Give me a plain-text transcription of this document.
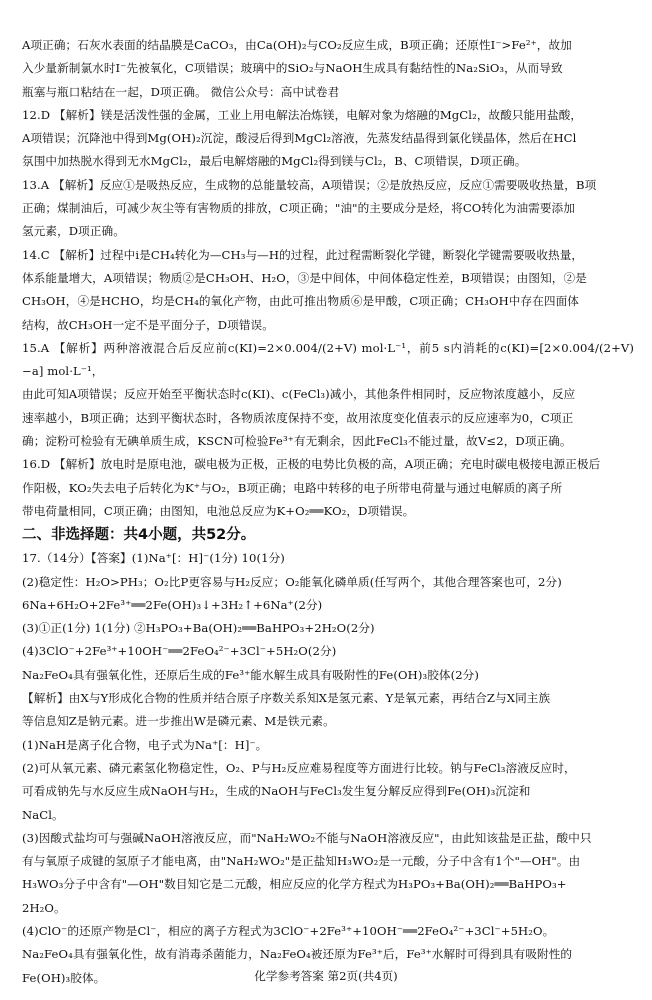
A项正确；石灰水表面的结晶膜是CaCO₃，由Ca(OH)₂与CO₂反应生成，B项正确；还原性I⁻>Fe²⁺，故加

入少量新制氯水时I⁻先被氧化，C项错误；玻璃中的SiO₂与NaOH生成具有黏结性的Na₂SiO₃，从而导致

瓶塞与瓶口粘结在一起，D项正确。 微信公众号：高中试卷君

12.D 【解析】镁是活泼性强的金属，工业上用电解法冶炼镁，电解对象为熔融的MgCl₂，故酸只能用盐酸，

A项错误；沉降池中得到Mg(OH)₂沉淀，酸浸后得到MgCl₂溶液，先蒸发结晶得到氯化镁晶体，然后在HCl

氛围中加热脱水得到无水MgCl₂，最后电解熔融的MgCl₂得到镁与Cl₂，B、C项错误，D项正确。

13.A 【解析】反应①是吸热反应，生成物的总能量较高，A项错误；②是放热反应，反应①需要吸收热量，B项

正确；煤制油后，可减少灰尘等有害物质的排放，C项正确；"油"的主要成分是烃，将CO转化为油需要添加

氢元素，D项正确。

14.C 【解析】过程中ⅰ是CH₄转化为—CH₃与—H的过程，此过程需断裂化学键，断裂化学键需要吸收热量，

体系能量增大，A项错误；物质②是CH₃OH、H₂O，③是中间体，中间体稳定性差，B项错误；由图知，②是

CH₃OH，④是HCHO，均是CH₄的氧化产物，由此可推出物质⑥是甲酸，C项正确；CH₃OH中存在四面体

结构，故CH₃OH一定不是平面分子，D项错误。

15.A 【解析】两种溶液混合后反应前c(KI)=2×0.004/(2+V) mol·L⁻¹，前5 s内消耗的c(KI)=[2×0.004/(2+V)−a] mol·L⁻¹，

由此可知A项错误；反应开始至平衡状态时c(KI)、c(FeCl₃)减小，其他条件相同时，反应物浓度越小，反应

速率越小，B项正确；达到平衡状态时，各物质浓度保持不变，故用浓度变化值表示的反应速率为0，C项正

确；淀粉可检验有无碘单质生成，KSCN可检验Fe³⁺有无剩余，因此FeCl₃不能过量，故V≤2，D项正确。

16.D 【解析】放电时是原电池，碳电极为正极，正极的电势比负极的高，A项正确；充电时碳电极接电源正极后

作阳极，KO₂失去电子后转化为K⁺与O₂，B项正确；电路中转移的电子所带电荷量与通过电解质的离子所

带电荷量相同，C项正确；由图知，电池总反应为K+O₂══KO₂，D项错误。

二、非选择题：共4小题，共52分。

17.（14分）【答案】(1)Na⁺[：H]⁻(1分) 10(1分)

(2)稳定性：H₂O>PH₃；O₂比P更容易与H₂反应；O₂能氧化磷单质(任写两个，其他合理答案也可，2分)

6Na+6H₂O+2Fe³⁺══2Fe(OH)₃↓+3H₂↑+6Na⁺(2分)

(3)①正(1分) 1(1分) ②H₃PO₃+Ba(OH)₂══BaHPO₃+2H₂O(2分)

(4)3ClO⁻+2Fe³⁺+10OH⁻══2FeO₄²⁻+3Cl⁻+5H₂O(2分)

Na₂FeO₄具有强氧化性，还原后生成的Fe³⁺能水解生成具有吸附性的Fe(OH)₃胶体(2分)

【解析】由X与Y形成化合物的性质并结合原子序数关系知X是氢元素、Y是氧元素，再结合Z与X同主族

等信息知Z是钠元素。进一步推出W是磷元素、M是铁元素。

(1)NaH是离子化合物，电子式为Na⁺[：H]⁻。

(2)可从氧元素、磷元素氢化物稳定性，O₂、P与H₂反应难易程度等方面进行比较。钠与FeCl₃溶液反应时，

可看成钠先与水反应生成NaOH与H₂，生成的NaOH与FeCl₃发生复分解反应得到Fe(OH)₃沉淀和

NaCl。

(3)因酸式盐均可与强碱NaOH溶液反应，而"NaH₂WO₂不能与NaOH溶液反应"，由此知该盐是正盐，酸中只

有与氧原子成键的氢原子才能电离，由"NaH₂WO₂"是正盐知H₃WO₂是一元酸，分子中含有1个"—OH"。由

H₃WO₃分子中含有"—OH"数目知它是二元酸，相应反应的化学方程式为H₃PO₃+Ba(OH)₂══BaHPO₃+

2H₂O。

(4)ClO⁻的还原产物是Cl⁻，相应的离子方程式为3ClO⁻+2Fe³⁺+10OH⁻══2FeO₄²⁻+3Cl⁻+5H₂O。

Na₂FeO₄具有强氧化性，故有消毒杀菌能力，Na₂FeO₄被还原为Fe³⁺后，Fe³⁺水解时可得到具有吸附性的

Fe(OH)₃胶体。	化学参考答案 第2页(共4页)
